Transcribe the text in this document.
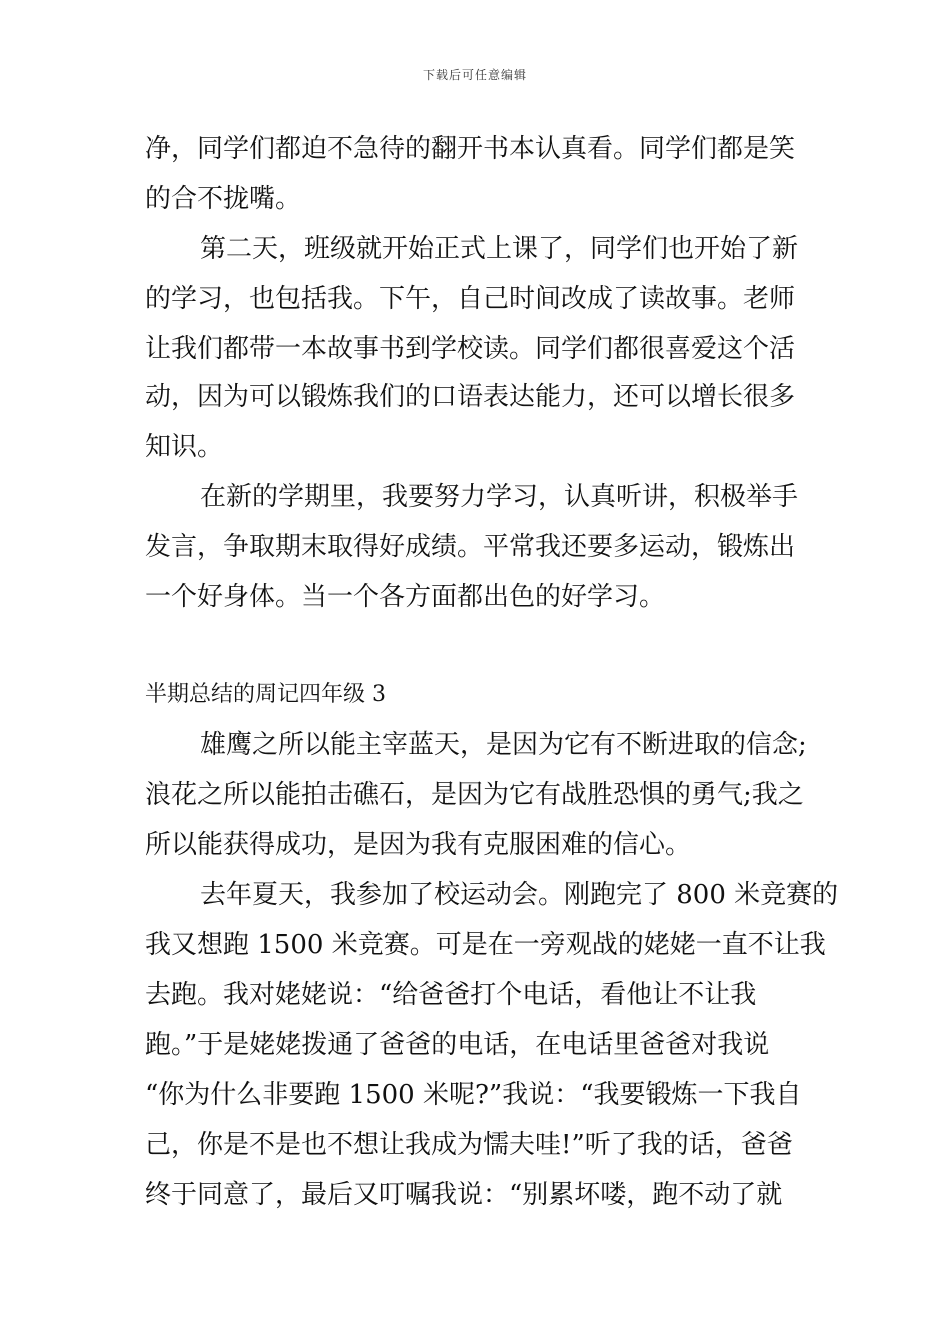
下载后可任意编辑
净，同学们都迫不急待的翻开书本认真看。同学们都是笑
的合不拢嘴。
第二天，班级就开始正式上课了，同学们也开始了新
的学习，也包括我。下午，自己时间改成了读故事。老师
让我们都带一本故事书到学校读。同学们都很喜爱这个活
动，因为可以锻炼我们的口语表达能力，还可以增长很多
知识。
在新的学期里，我要努力学习，认真听讲，积极举手
发言，争取期末取得好成绩。平常我还要多运动，锻炼出
一个好身体。当一个各方面都出色的好学习。
半期总结的周记四年级 3
雄鹰之所以能主宰蓝天，是因为它有不断进取的信念;
浪花之所以能拍击礁石，是因为它有战胜恐惧的勇气;我之
所以能获得成功，是因为我有克服困难的信心。
去年夏天，我参加了校运动会。刚跑完了 800 米竞赛的
我又想跑 1500 米竞赛。可是在一旁观战的姥姥一直不让我
去跑。我对姥姥说：“给爸爸打个电话，看他让不让我
跑。”于是姥姥拨通了爸爸的电话，在电话里爸爸对我说
“你为什么非要跑 1500 米呢?”我说：“我要锻炼一下我自
己，你是不是也不想让我成为懦夫哇!”听了我的话，爸爸
终于同意了，最后又叮嘱我说：“别累坏喽，跑不动了就
